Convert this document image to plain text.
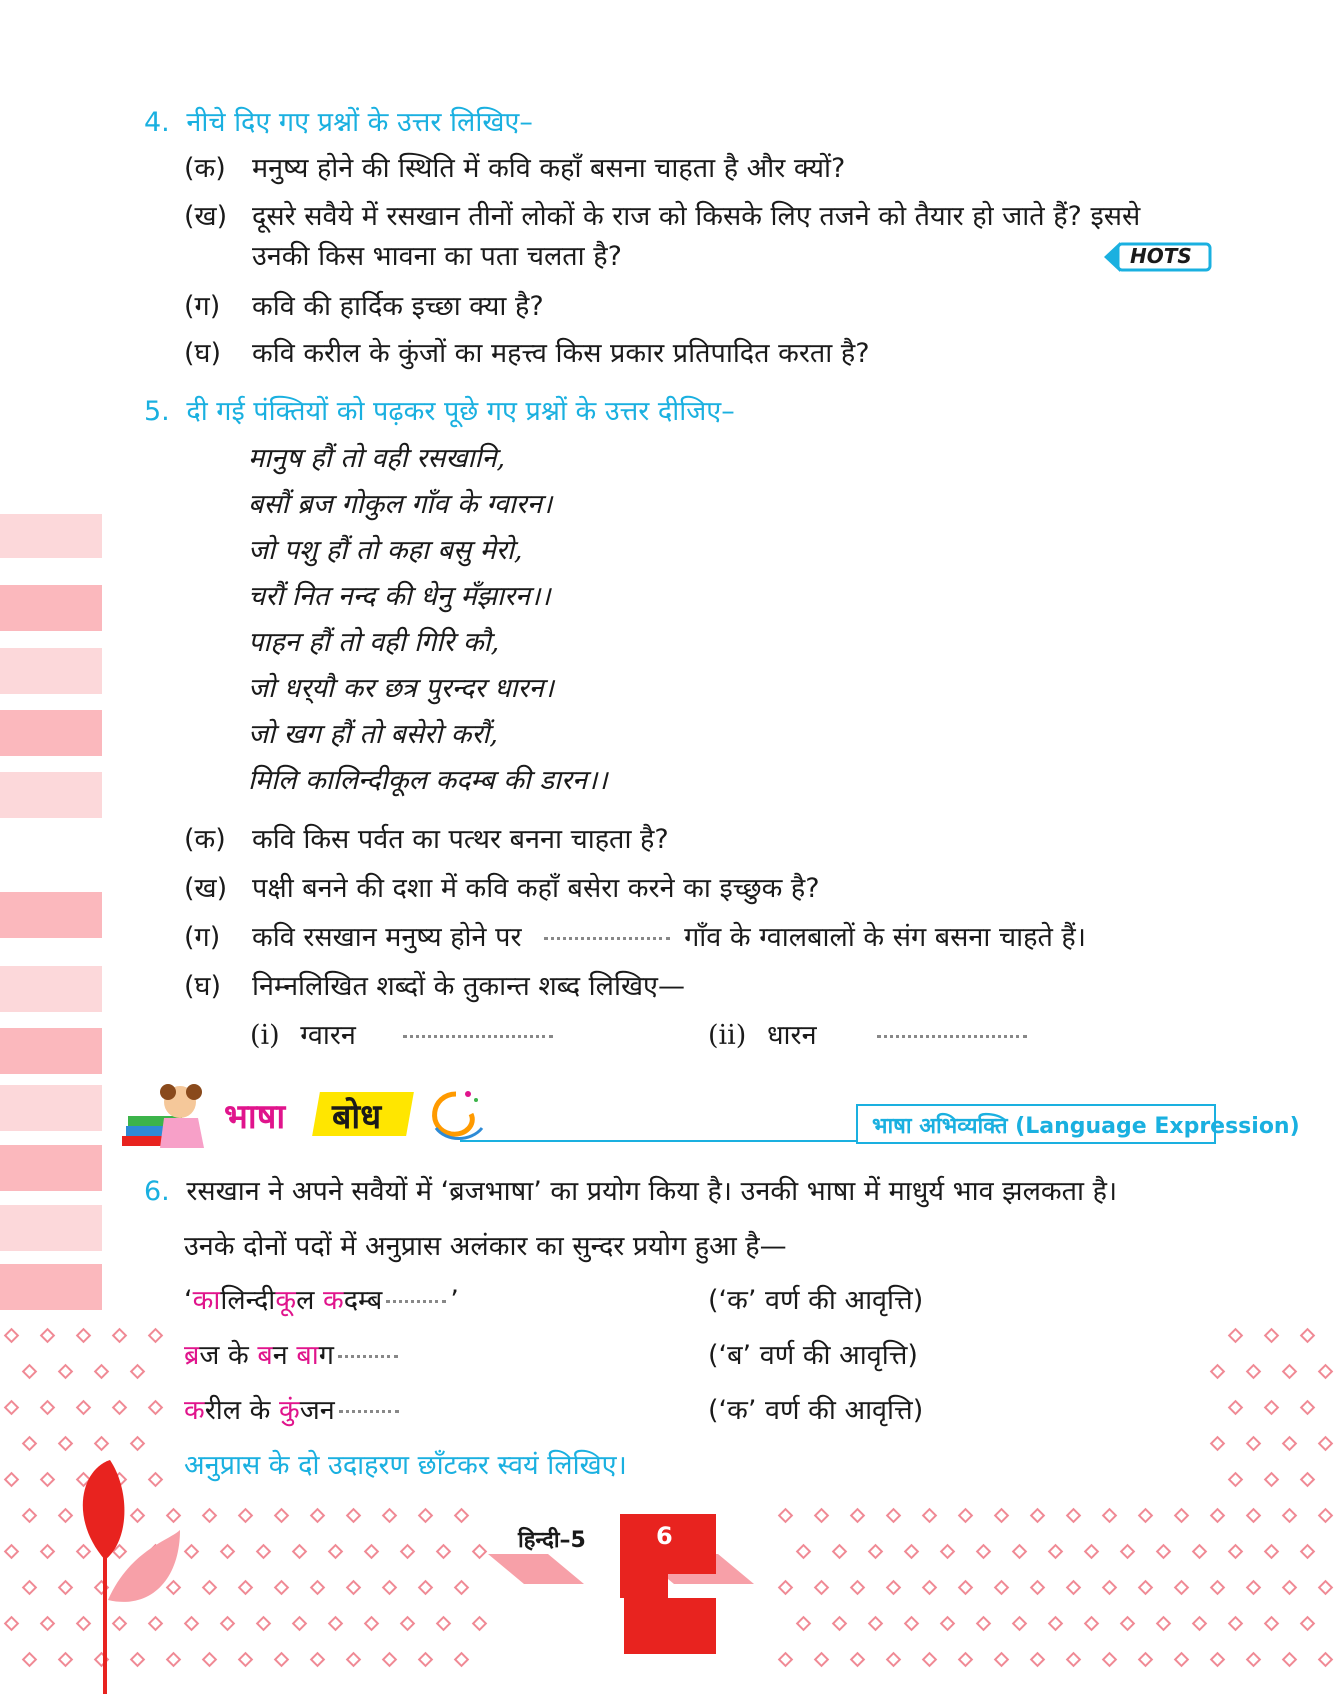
4. नीचे दिए गए प्रश्नों के उत्तर लिखिए–
(क) मनुष्य होने की स्थिति में कवि कहाँ बसना चाहता है और क्यों?
(ख) दूसरे सवैये में रसखान तीनों लोकों के राज को किसके लिए तजने को तैयार हो जाते हैं? इससे
उनकी किस भावना का पता चलता है?	HOTS
(ग) कवि की हार्दिक इच्छा क्या है?
(घ) कवि करील के कुंजों का महत्त्व किस प्रकार प्रतिपादित करता है?
5. दी गई पंक्तियों को पढ़कर पूछे गए प्रश्नों के उत्तर दीजिए–
मानुष हौं तो वही रसखानि,
बसौं ब्रज गोकुल गाँव के ग्वारन।
जो पशु हौं तो कहा बसु मेरो,
चरौं नित नन्द की धेनु मँझारन।।
पाहन हौं तो वही गिरि कौ,
जो धर्‌यौ कर छत्र पुरन्दर धारन।
जो खग हौं तो बसेरो करौं,
मिलि कालिन्दीकूल कदम्ब की डारन।।
(क) कवि किस पर्वत का पत्थर बनना चाहता है?
(ख) पक्षी बनने की दशा में कवि कहाँ बसेरा करने का इच्छुक है?
(ग) कवि रसखान मनुष्य होने पर	गाँव के ग्वालबालों के संग बसना चाहते हैं।
(घ) निम्नलिखित शब्दों के तुकान्त शब्द लिखिए—
(i) ग्वारन	(ii) धारन
भाषा बोध	भाषा अभिव्यक्ति (Language Expression)
6. रसखान ने अपने सवैयों में ‘ब्रजभाषा’ का प्रयोग किया है। उनकी भाषा में माधुर्य भाव झलकता है।
उनके दोनों पदों में अनुप्रास अलंकार का सुन्दर प्रयोग हुआ है—
‘कालिन्दीकूल कदम्ब	’	(‘क’ वर्ण की आवृत्ति)
ब्रज के बन बाग	(‘ब’ वर्ण की आवृत्ति)
करील के कुंजन	(‘क’ वर्ण की आवृत्ति)
अनुप्रास के दो उदाहरण छाँटकर स्वयं लिखिए।
हिन्दी–5	6
